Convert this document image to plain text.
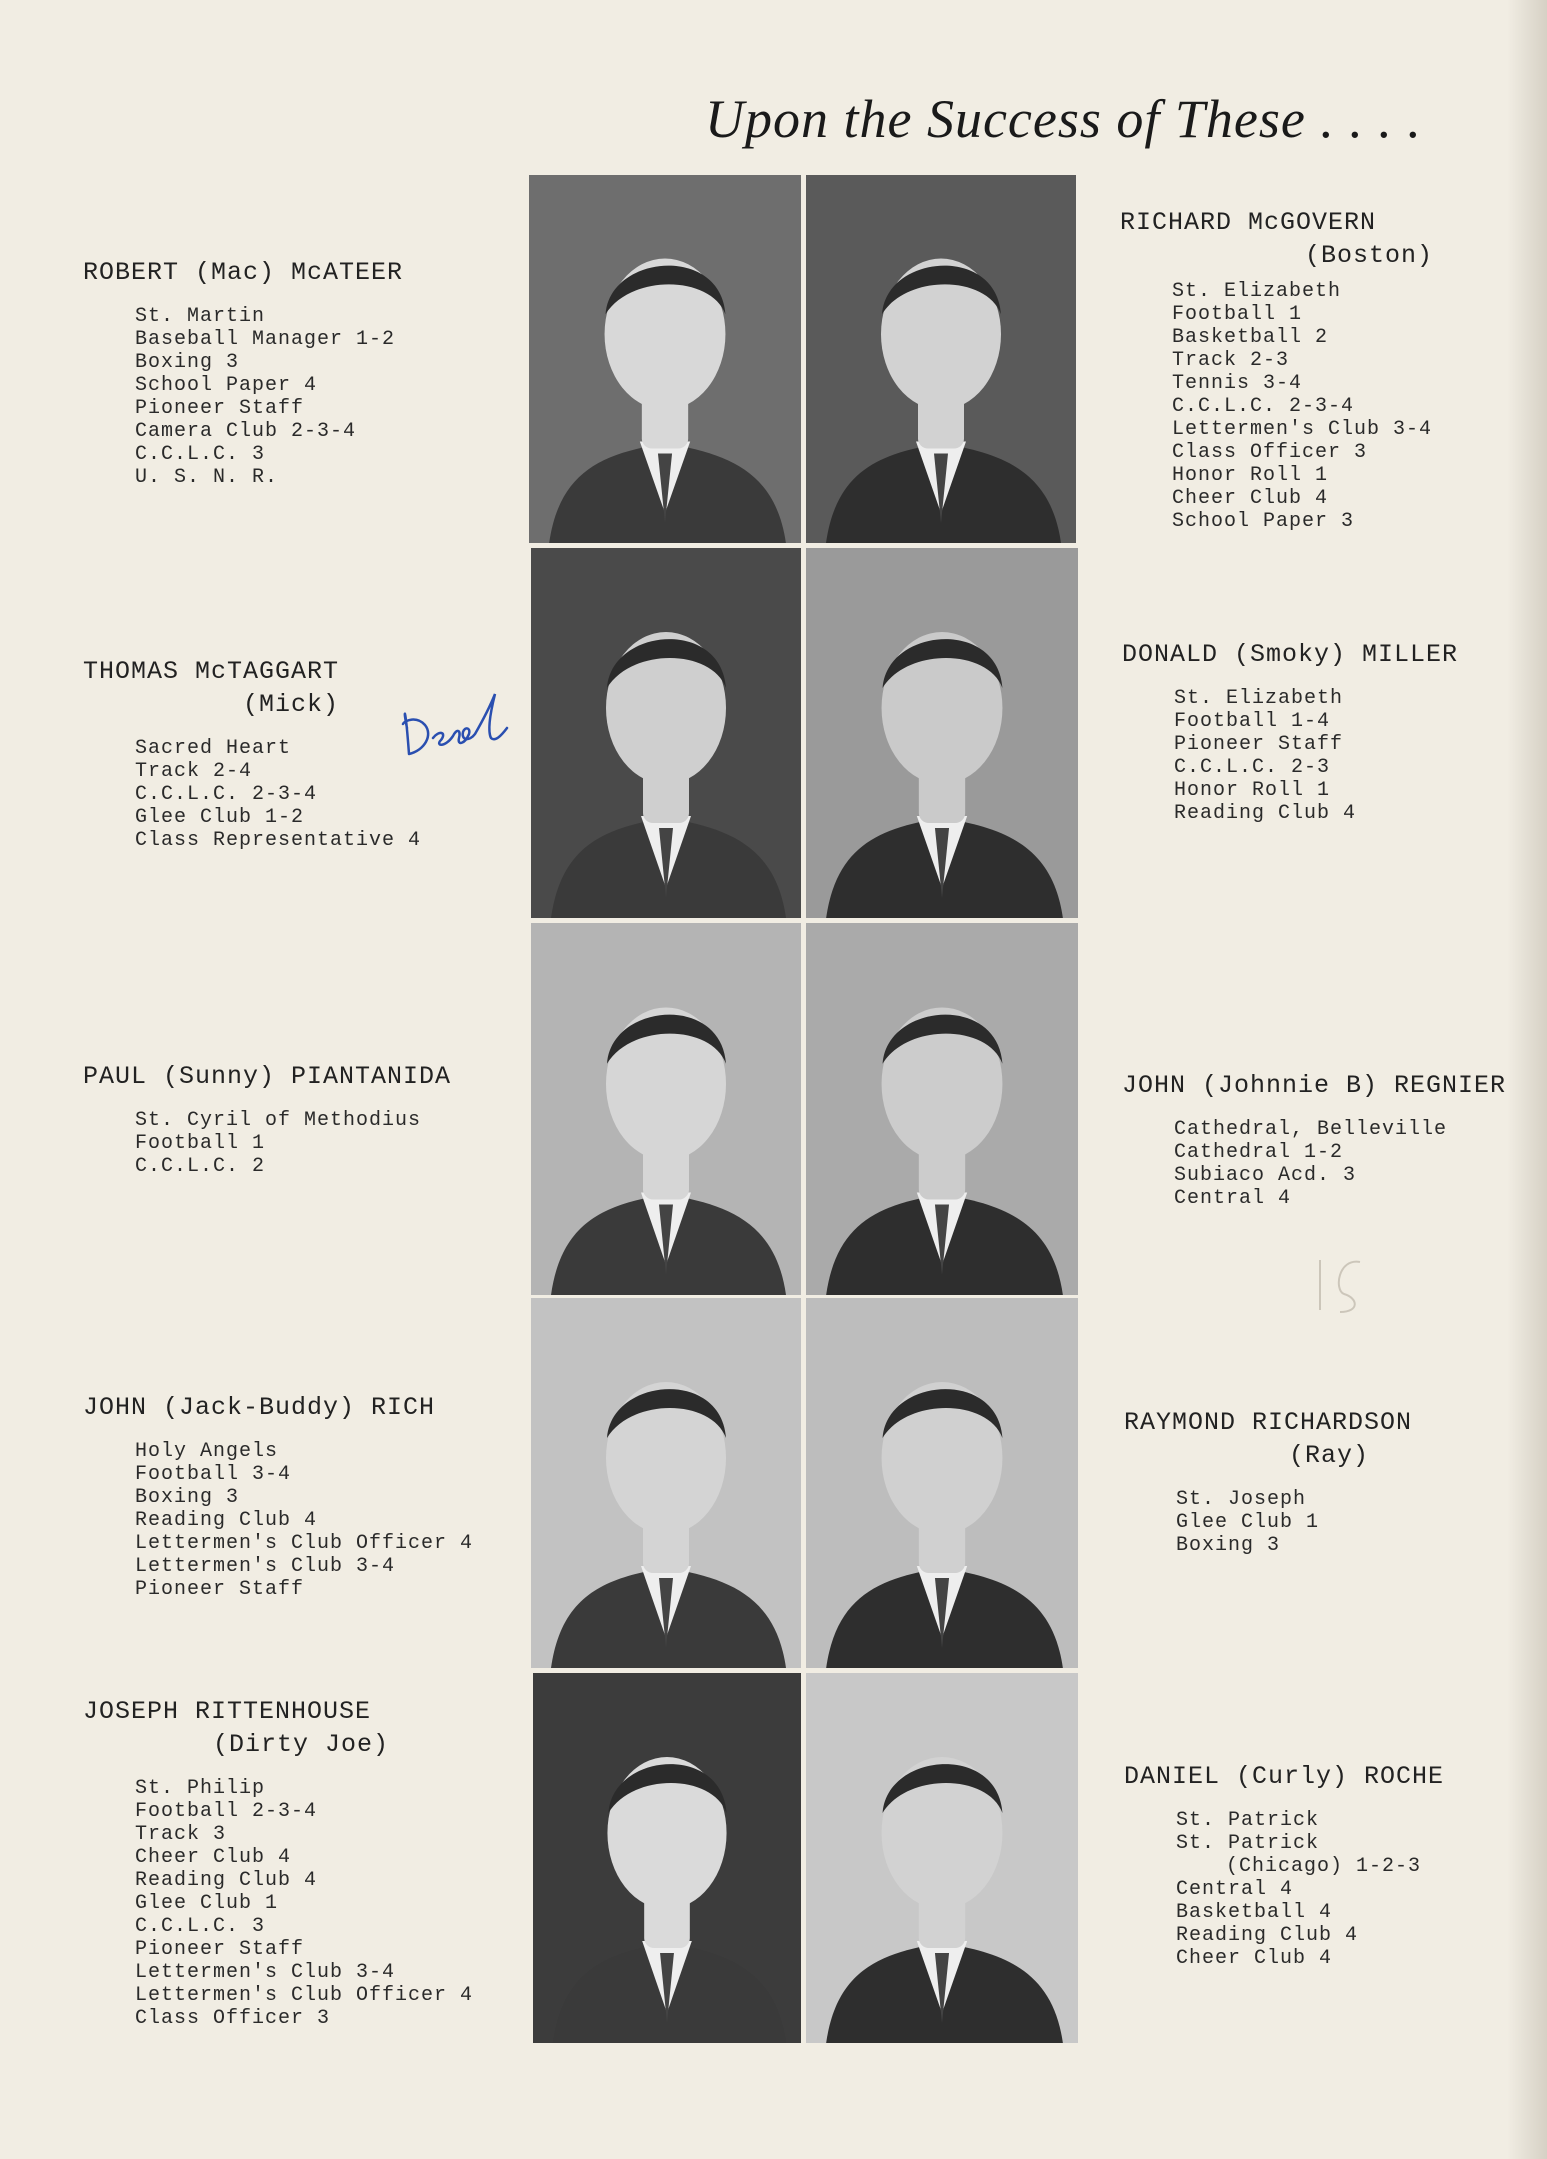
Upon the Success of These . . . .
ROBERT (Mac) McATEER
St. Martin
Baseball Manager 1-2
Boxing 3
School Paper 4
Pioneer Staff
Camera Club 2-3-4
C.C.L.C. 3
U. S. N. R.
THOMAS McTAGGART
(Mick)
Sacred Heart
Track 2-4
C.C.L.C. 2-3-4
Glee Club 1-2
Class Representative 4
PAUL (Sunny) PIANTANIDA
St. Cyril of Methodius
Football 1
C.C.L.C. 2
JOHN (Jack-Buddy) RICH
Holy Angels
Football 3-4
Boxing 3
Reading Club 4
Lettermen's Club Officer 4
Lettermen's Club 3-4
Pioneer Staff
JOSEPH RITTENHOUSE
(Dirty Joe)
St. Philip
Football 2-3-4
Track 3
Cheer Club 4
Reading Club 4
Glee Club 1
C.C.L.C. 3
Pioneer Staff
Lettermen's Club 3-4
Lettermen's Club Officer 4
Class Officer 3
RICHARD McGOVERN
(Boston)
St. Elizabeth
Football 1
Basketball 2
Track 2-3
Tennis 3-4
C.C.L.C. 2-3-4
Lettermen's Club 3-4
Class Officer 3
Honor Roll 1
Cheer Club 4
School Paper 3
DONALD (Smoky) MILLER
St. Elizabeth
Football 1-4
Pioneer Staff
C.C.L.C. 2-3
Honor Roll 1
Reading Club 4
JOHN (Johnnie B) REGNIER
Cathedral, Belleville
Cathedral 1-2
Subiaco Acd. 3
Central 4
RAYMOND RICHARDSON
(Ray)
St. Joseph
Glee Club 1
Boxing 3
DANIEL (Curly) ROCHE
St. Patrick
St. Patrick
(Chicago) 1-2-3
Central 4
Basketball 4
Reading Club 4
Cheer Club 4
